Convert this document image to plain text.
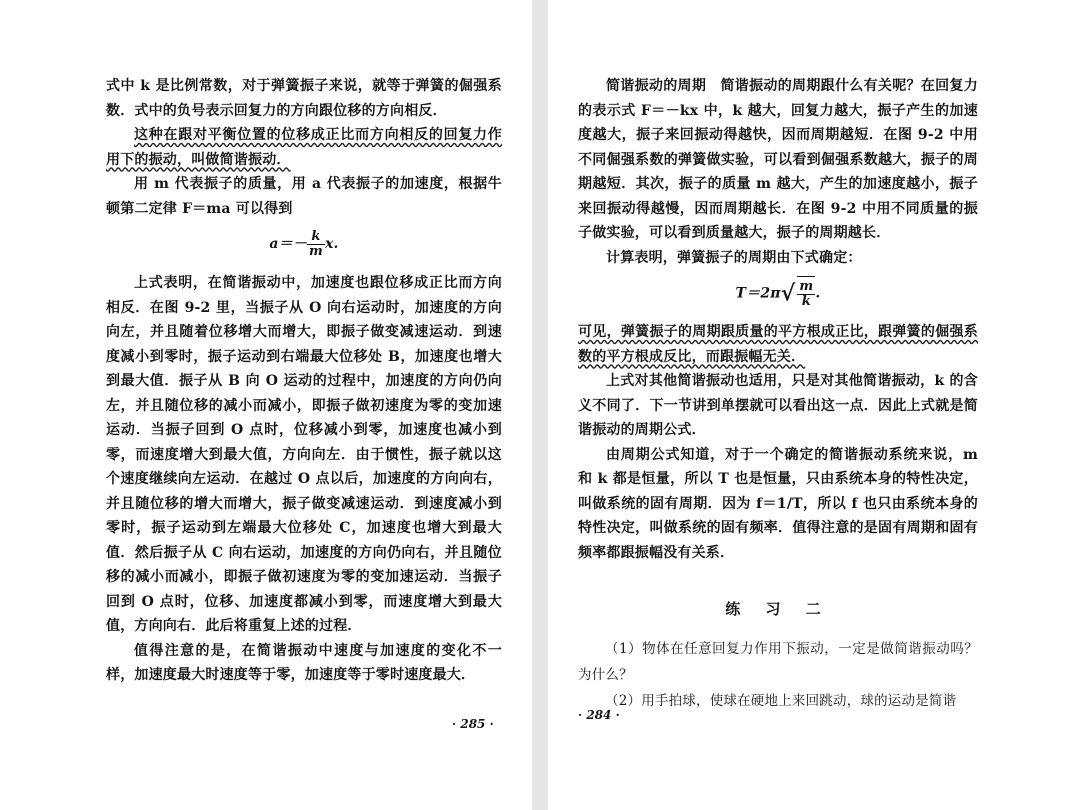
式中 k 是比例常数，对于弹簧振子来说，就等于弹簧的倔强系数．式中的负号表示回复力的方向跟位移的方向相反．

这种在跟对平衡位置的位移成正比而方向相反的回复力作用下的振动，叫做简谐振动．

用 m 代表振子的质量，用 a 代表振子的加速度，根据牛顿第二定律 F＝ma 可以得到

$a=- \frac{k}{m} x$.

上式表明，在简谐振动中，加速度也跟位移成正比而方向相反．在图 9-2 里，当振子从 O 向右运动时，加速度的方向向左，并且随着位移增大而增大，即振子做变减速运动．到速度减小到零时，振子运动到右端最大位移处 B，加速度也增大到最大值．振子从 B 向 O 运动的过程中，加速度的方向仍向左，并且随位移的减小而减小，即振子做初速度为零的变加速运动．当振子回到 O 点时，位移减小到零，加速度也减小到零，而速度增大到最大值，方向向左．由于惯性，振子就以这个速度继续向左运动．在越过 O 点以后，加速度的方向向右，并且随位移的增大而增大，振子做变减速运动．到速度减小到零时，振子运动到左端最大位移处 C，加速度也增大到最大值．然后振子从 C 向右运动，加速度的方向仍向右，并且随位移的减小而减小，即振子做初速度为零的变加速运动．当振子回到 O 点时，位移、加速度都减小到零，而速度增大到最大值，方向向右．此后将重复上述的过程．

值得注意的是，在简谐振动中速度与加速度的变化不一样，加速度最大时速度等于零，加速度等于零时速度最大．

· 285 ·

简谐振动的周期　 简谐振动的周期跟什么有关呢？在回复力的表示式 F＝－kx 中，k 越大，回复力越大，振子产生的加速度越大，振子来回振动得越快，因而周期越短．在图 9-2 中用不同倔强系数的弹簧做实验，可以看到倔强系数越大，振子的周期越短．其次，振子的质量 m 越大，产生的加速度越小，振子来回振动得越慢，因而周期越长．在图 9-2 中用不同质量的振子做实验，可以看到质量越大，振子的周期越长．

计算表明，弹簧振子的周期由下式确定：

$T=2\pi√ \frac{m}{k}$ .

可见，弹簧振子的周期跟质量的平方根成正比，跟弹簧的倔强系数的平方根成反比，而跟振幅无关．

上式对其他简谐振动也适用，只是对其他简谐振动，k 的含义不同了．下一节讲到单摆就可以看出这一点．因此上式就是简谐振动的周期公式．

由周期公式知道，对于一个确定的简谐振动系统来说，m 和 k 都是恒量，所以 T 也是恒量，只由系统本身的特性决定，叫做系统的固有周期．因为 f＝1/T，所以 f 也只由系统本身的特性决定，叫做系统的固有频率．值得注意的是固有周期和固有频率都跟振幅没有关系．

练 习 二

（1）物体在任意回复力作用下振动，一定是做简谐振动吗？为什么？

（2）用手拍球，使球在硬地上来回跳动，球的运动是简谐

· 284 ·
